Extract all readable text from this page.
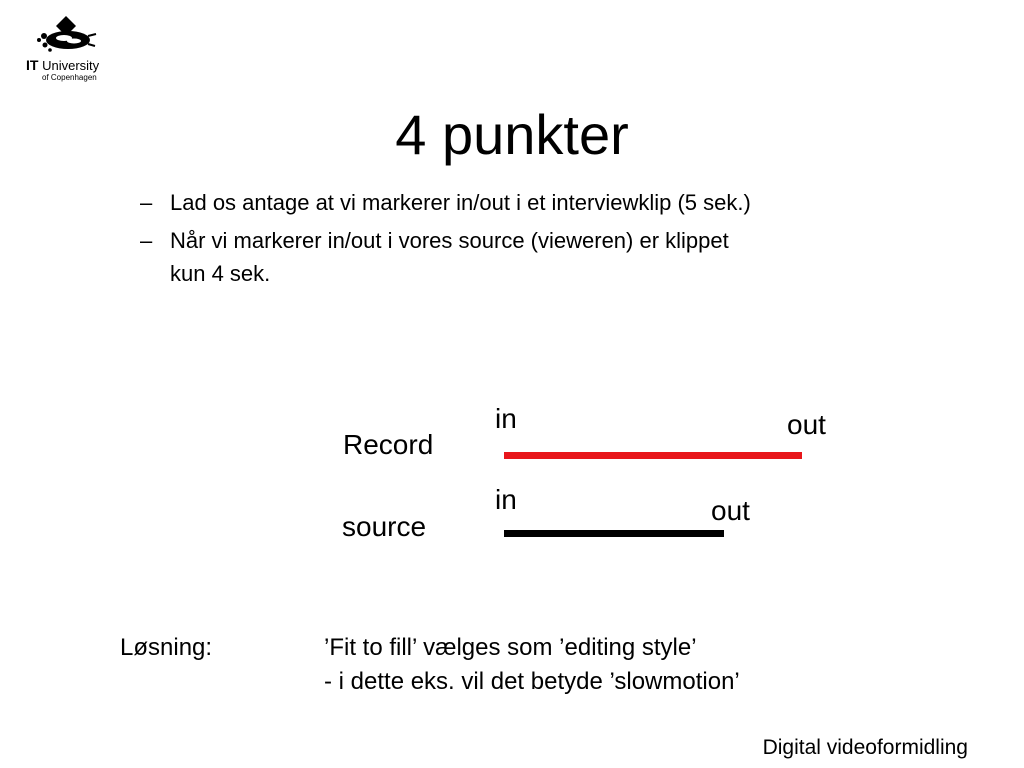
IT University
of Copenhagen
4 punkter
– Lad os antage at vi markerer in/out i et interviewklip (5 sek.)
– Når vi markerer in/out i vores source (vieweren) er klippet
kun 4 sek.
in	out
Record
in	out
source
Løsning:	’Fit to fill’ vælges som ’editing style’
- i dette eks. vil det betyde ’slowmotion’
Digital videoformidling
